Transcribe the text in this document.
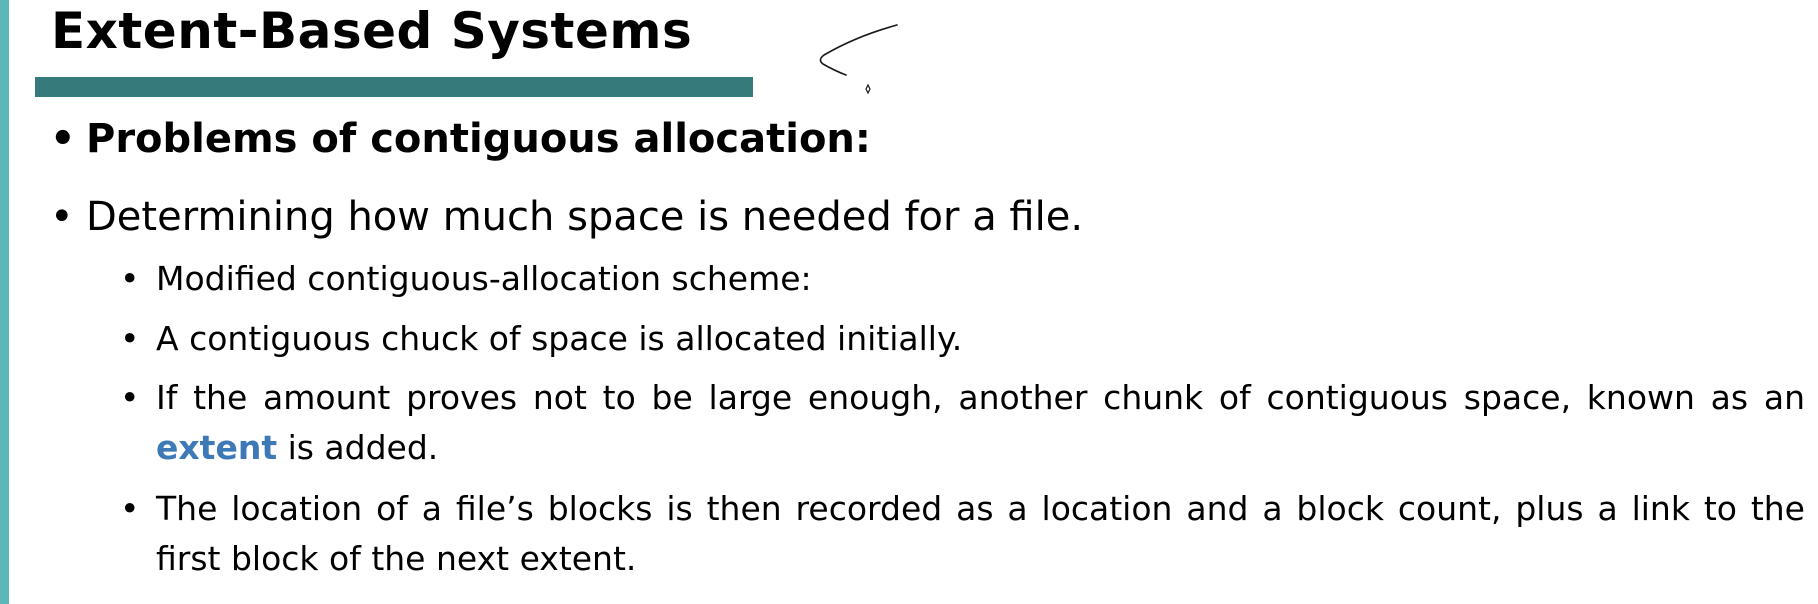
Extent-Based Systems
• Problems of contiguous allocation:
• Determining how much space is needed for a file.
• Modified contiguous-allocation scheme:
• A contiguous chuck of space is allocated initially.
• If the amount proves not to be large enough, another chunk of contiguous space, known as an extent is added.
• The location of a file’s blocks is then recorded as a location and a block count, plus a link to the first block of the next extent.
